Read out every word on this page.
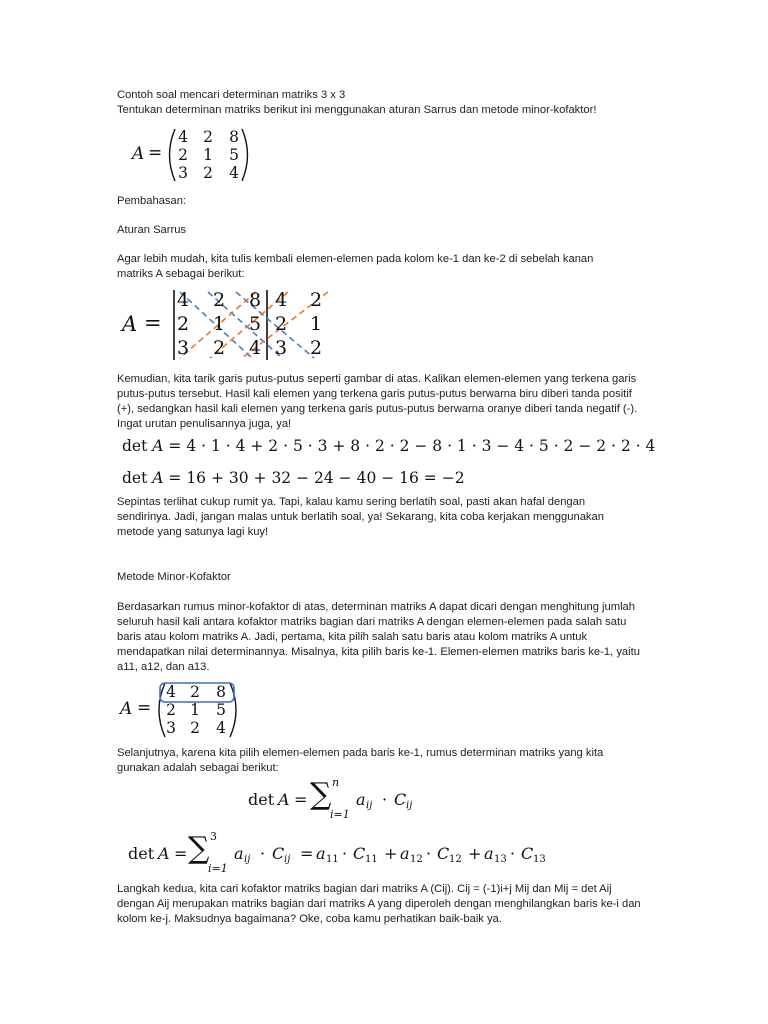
Contoh soal mencari determinan matriks 3 x 3

Tentukan determinan matriks berikut ini menggunakan aturan Sarrus dan metode minor-kofaktor!

A =
4 2 8
2 1 5
3 2 4

Pembahasan:

Aturan Sarrus

Agar lebih mudah, kita tulis kembali elemen-elemen pada kolom ke-1 dan ke-2 di sebelah kanan matriks A sebagai berikut:

A =
4 2 8 4 2
2 1 5 2 1
3 2 4 3 2

Kemudian, kita tarik garis putus-putus seperti gambar di atas. Kalikan elemen-elemen yang terkena garis putus-putus tersebut. Hasil kali elemen yang terkena garis putus-putus berwarna biru diberi tanda positif (+), sedangkan hasil kali elemen yang terkena garis putus-putus berwarna oranye diberi tanda negatif (-). Ingat urutan penulisannya juga, ya!

det A = 4 · 1 · 4 + 2 · 5 · 3 + 8 · 2 · 2 − 8 · 1 · 3 − 4 · 5 · 2 − 2 · 2 · 4
det A = 16 + 30 + 32 − 24 − 40 − 16 = −2

Sepintas terlihat cukup rumit ya. Tapi, kalau kamu sering berlatih soal, pasti akan hafal dengan sendirinya. Jadi, jangan malas untuk berlatih soal, ya! Sekarang, kita coba kerjakan menggunakan metode yang satunya lagi kuy!

Metode Minor-Kofaktor

Berdasarkan rumus minor-kofaktor di atas, determinan matriks A dapat dicari dengan menghitung jumlah seluruh hasil kali antara kofaktor matriks bagian dari matriks A dengan elemen-elemen pada salah satu baris atau kolom matriks A. Jadi, pertama, kita pilih salah satu baris atau kolom matriks A untuk mendapatkan nilai determinannya. Misalnya, kita pilih baris ke-1. Elemen-elemen matriks baris ke-1, yaitu a11, a12, dan a13.

A =
4 2 8
2 1 5
3 2 4

Selanjutnya, karena kita pilih elemen-elemen pada baris ke-1, rumus determinan matriks yang kita gunakan adalah sebagai berikut:

det A = ∑ n
i=1
a ij · C ij
det A = ∑ 3
i=1
a ij · C ij = a 11 · C 11 + a 12 · C 12 + a 13 · C 13

Langkah kedua, kita cari kofaktor matriks bagian dari matriks A (Cij). Cij = (-1)i+j Mij dan Mij = det Aij dengan Aij merupakan matriks bagian dari matriks A yang diperoleh dengan menghilangkan baris ke-i dan kolom ke-j. Maksudnya bagaimana? Oke, coba kamu perhatikan baik-baik ya.
